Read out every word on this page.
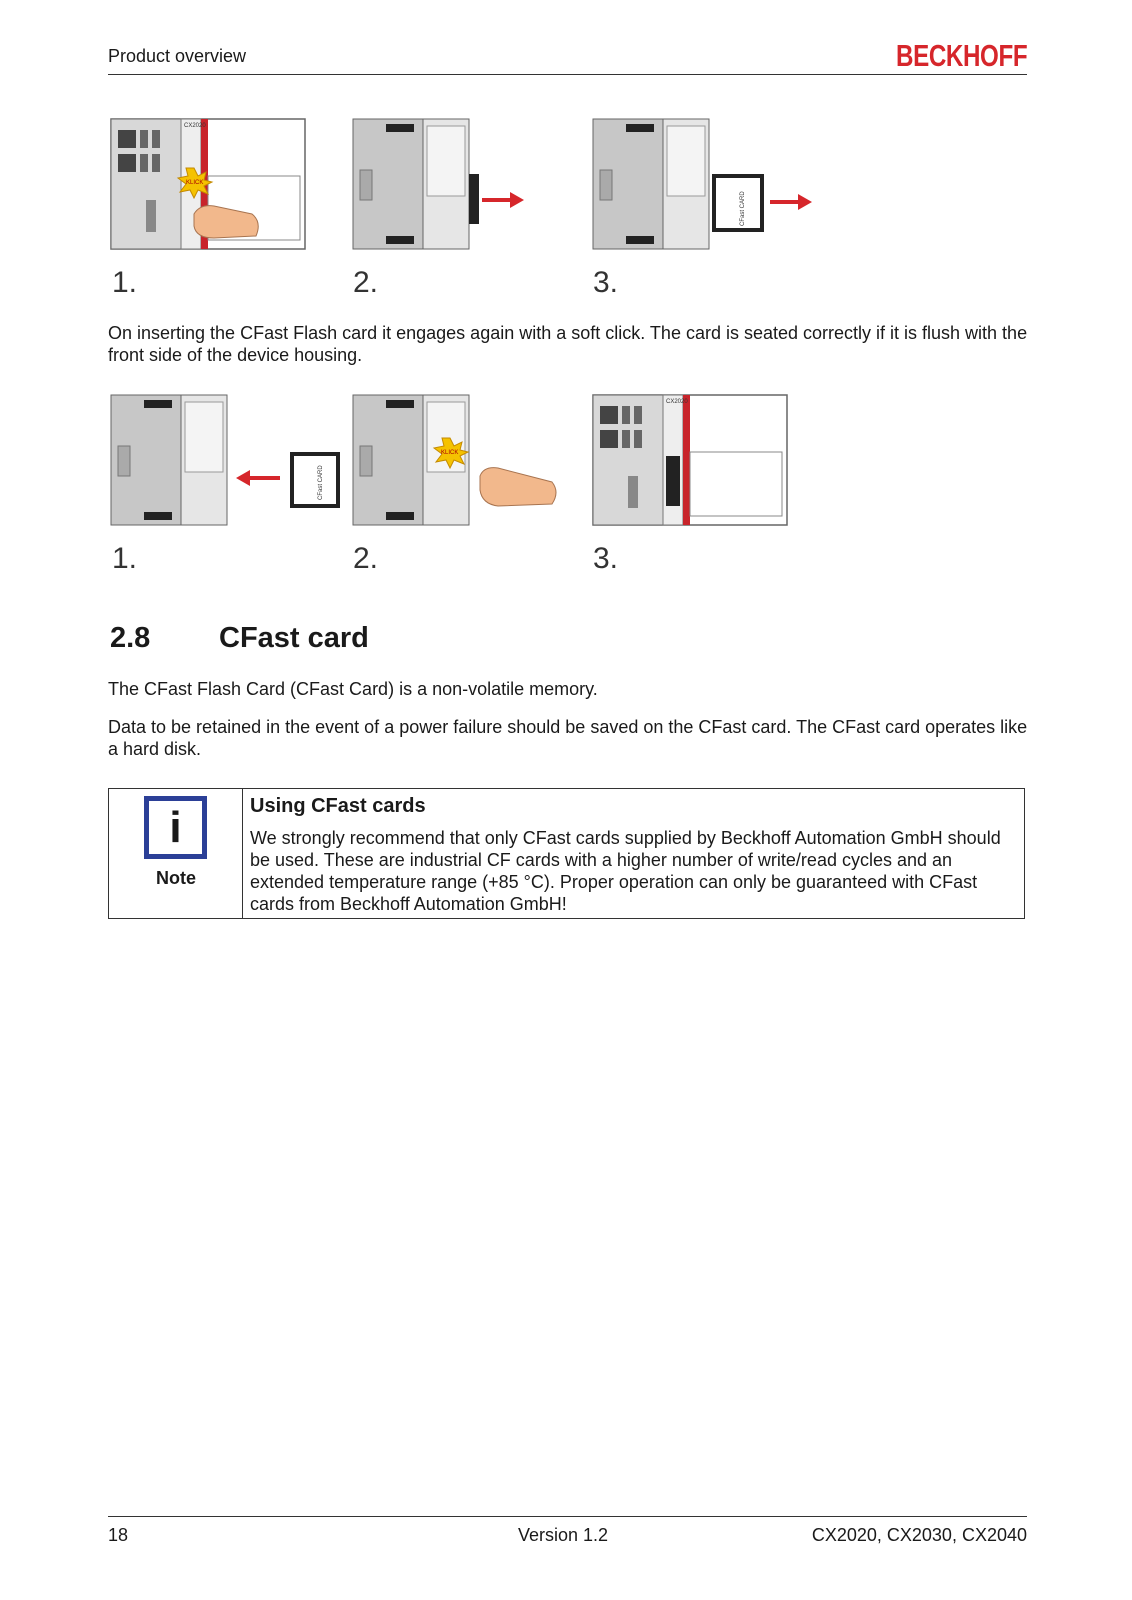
Product overview	BECKHOFF
CX2020
KLICK
1.	2.
CFast CARD
3.

On inserting the CFast Flash card it engages again with a soft click. The card is seated correctly if it is flush with the front side of the device housing.

CFast CARD
1.
KLICK
2.
CX2020
3.
2.8 CFast card

The CFast Flash Card (CFast Card) is a non-volatile memory.

Data to be retained in the event of a power failure should be saved on the CFast card. The CFast card operates like a hard disk.

i
Note
Using CFast cards

We strongly recommend that only CFast cards supplied by Beckhoff Automation GmbH should be used. These are industrial CF cards with a higher number of write/read cycles and an extended temperature range (+85 °C). Proper operation can only be guaranteed with CFast cards from Beckhoff Automation GmbH!

18	Version 1.2	CX2020, CX2030, CX2040
